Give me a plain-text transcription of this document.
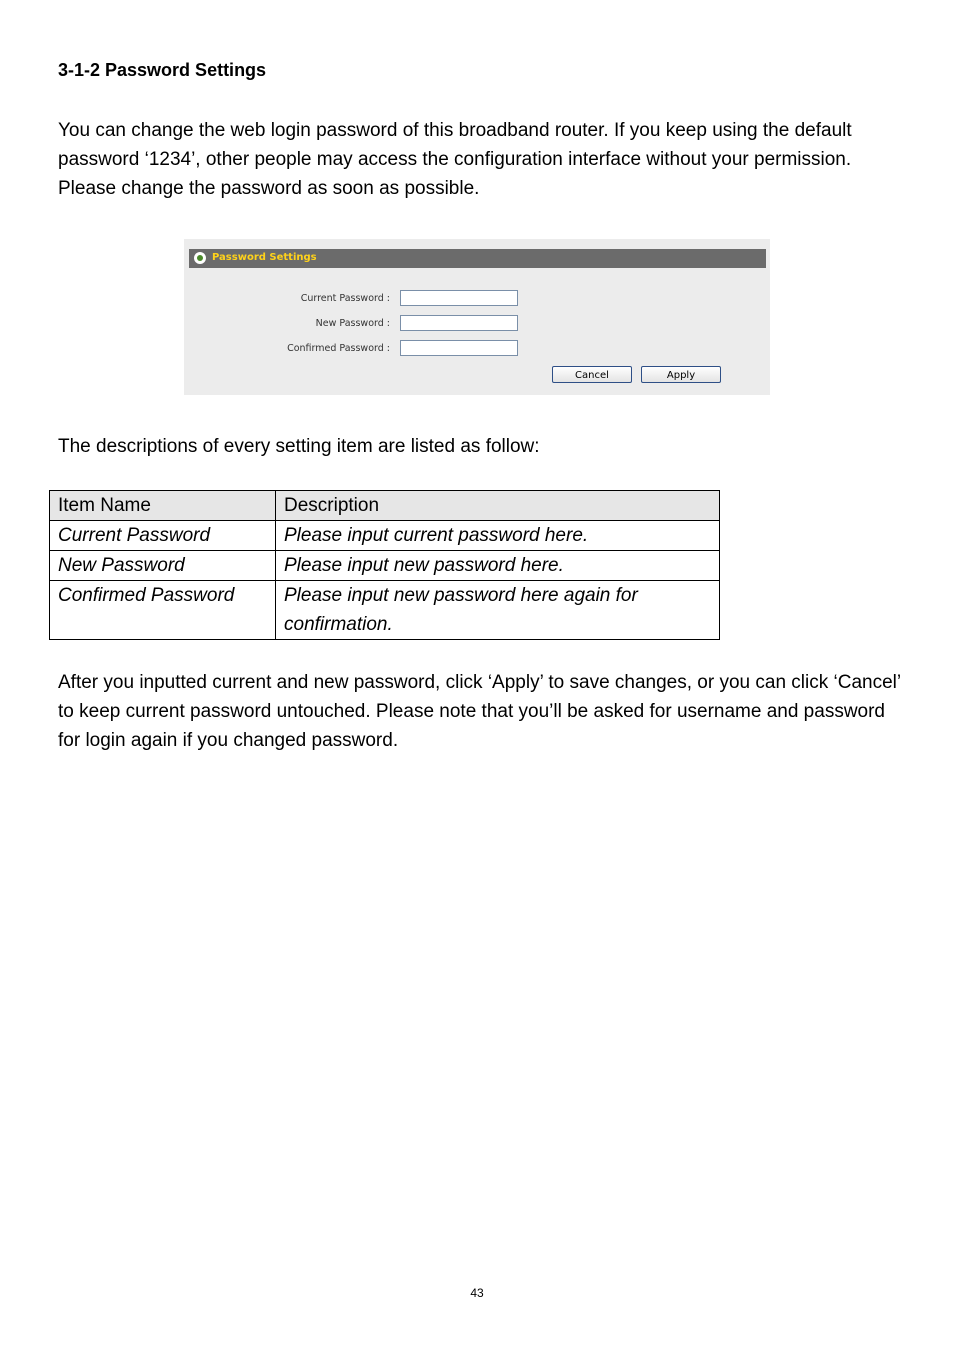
3-1-2 Password Settings

You can change the web login password of this broadband router. If you keep using the default password ‘1234’, other people may access the configuration interface without your permission. Please change the password as soon as possible.

Password Settings
Current Password :
New Password :
Confirmed Password :
Cancel	Apply

The descriptions of every setting item are listed as follow:

Item Name	Description
Current Password	Please input current password here.
New Password	Please input new password here.
Confirmed Password	Please input new password here again for confirmation.

After you inputted current and new password, click ‘Apply’ to save changes, or you can click ‘Cancel’ to keep current password untouched. Please note that you’ll be asked for username and password for login again if you changed password.

43
